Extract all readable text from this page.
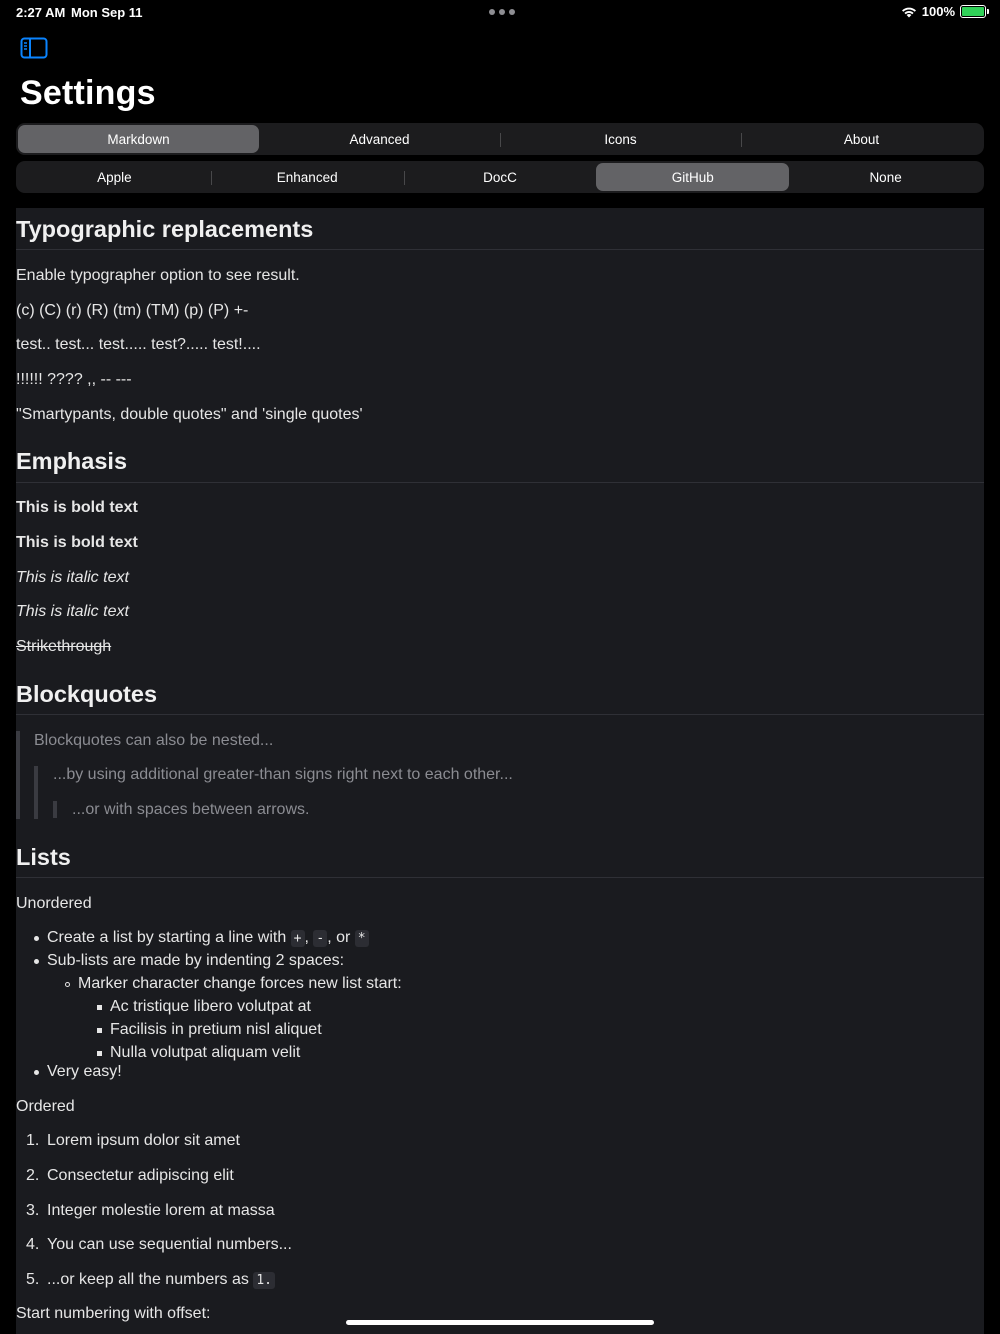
2:27 AM Mon Sep 11	100%
Settings
Markdown	Advanced	Icons	About
Apple	Enhanced	DocC	GitHub	None
Typographic replacements

Enable typographer option to see result.

(c) (C) (r) (R) (tm) (TM) (p) (P) +-

test.. test... test..... test?..... test!....

!!!!!! ???? ,, -- ---

"Smartypants, double quotes" and 'single quotes'

Emphasis

This is bold text

This is bold text

This is italic text

This is italic text

Strikethrough

Blockquotes
Blockquotes can also be nested...
...by using additional greater-than signs right next to each other...
...or with spaces between arrows.
Lists

Unordered

Create a list by starting a line with + , - , or *
Sub-lists are made by indenting 2 spaces:
Marker character change forces new list start:
Ac tristique libero volutpat at
Facilisis in pretium nisl aliquet
Nulla volutpat aliquam velit
Very easy!

Ordered

1. Lorem ipsum dolor sit amet
2. Consectetur adipiscing elit
3. Integer molestie lorem at massa
4. You can use sequential numbers...
5. ...or keep all the numbers as 1.

Start numbering with offset:
